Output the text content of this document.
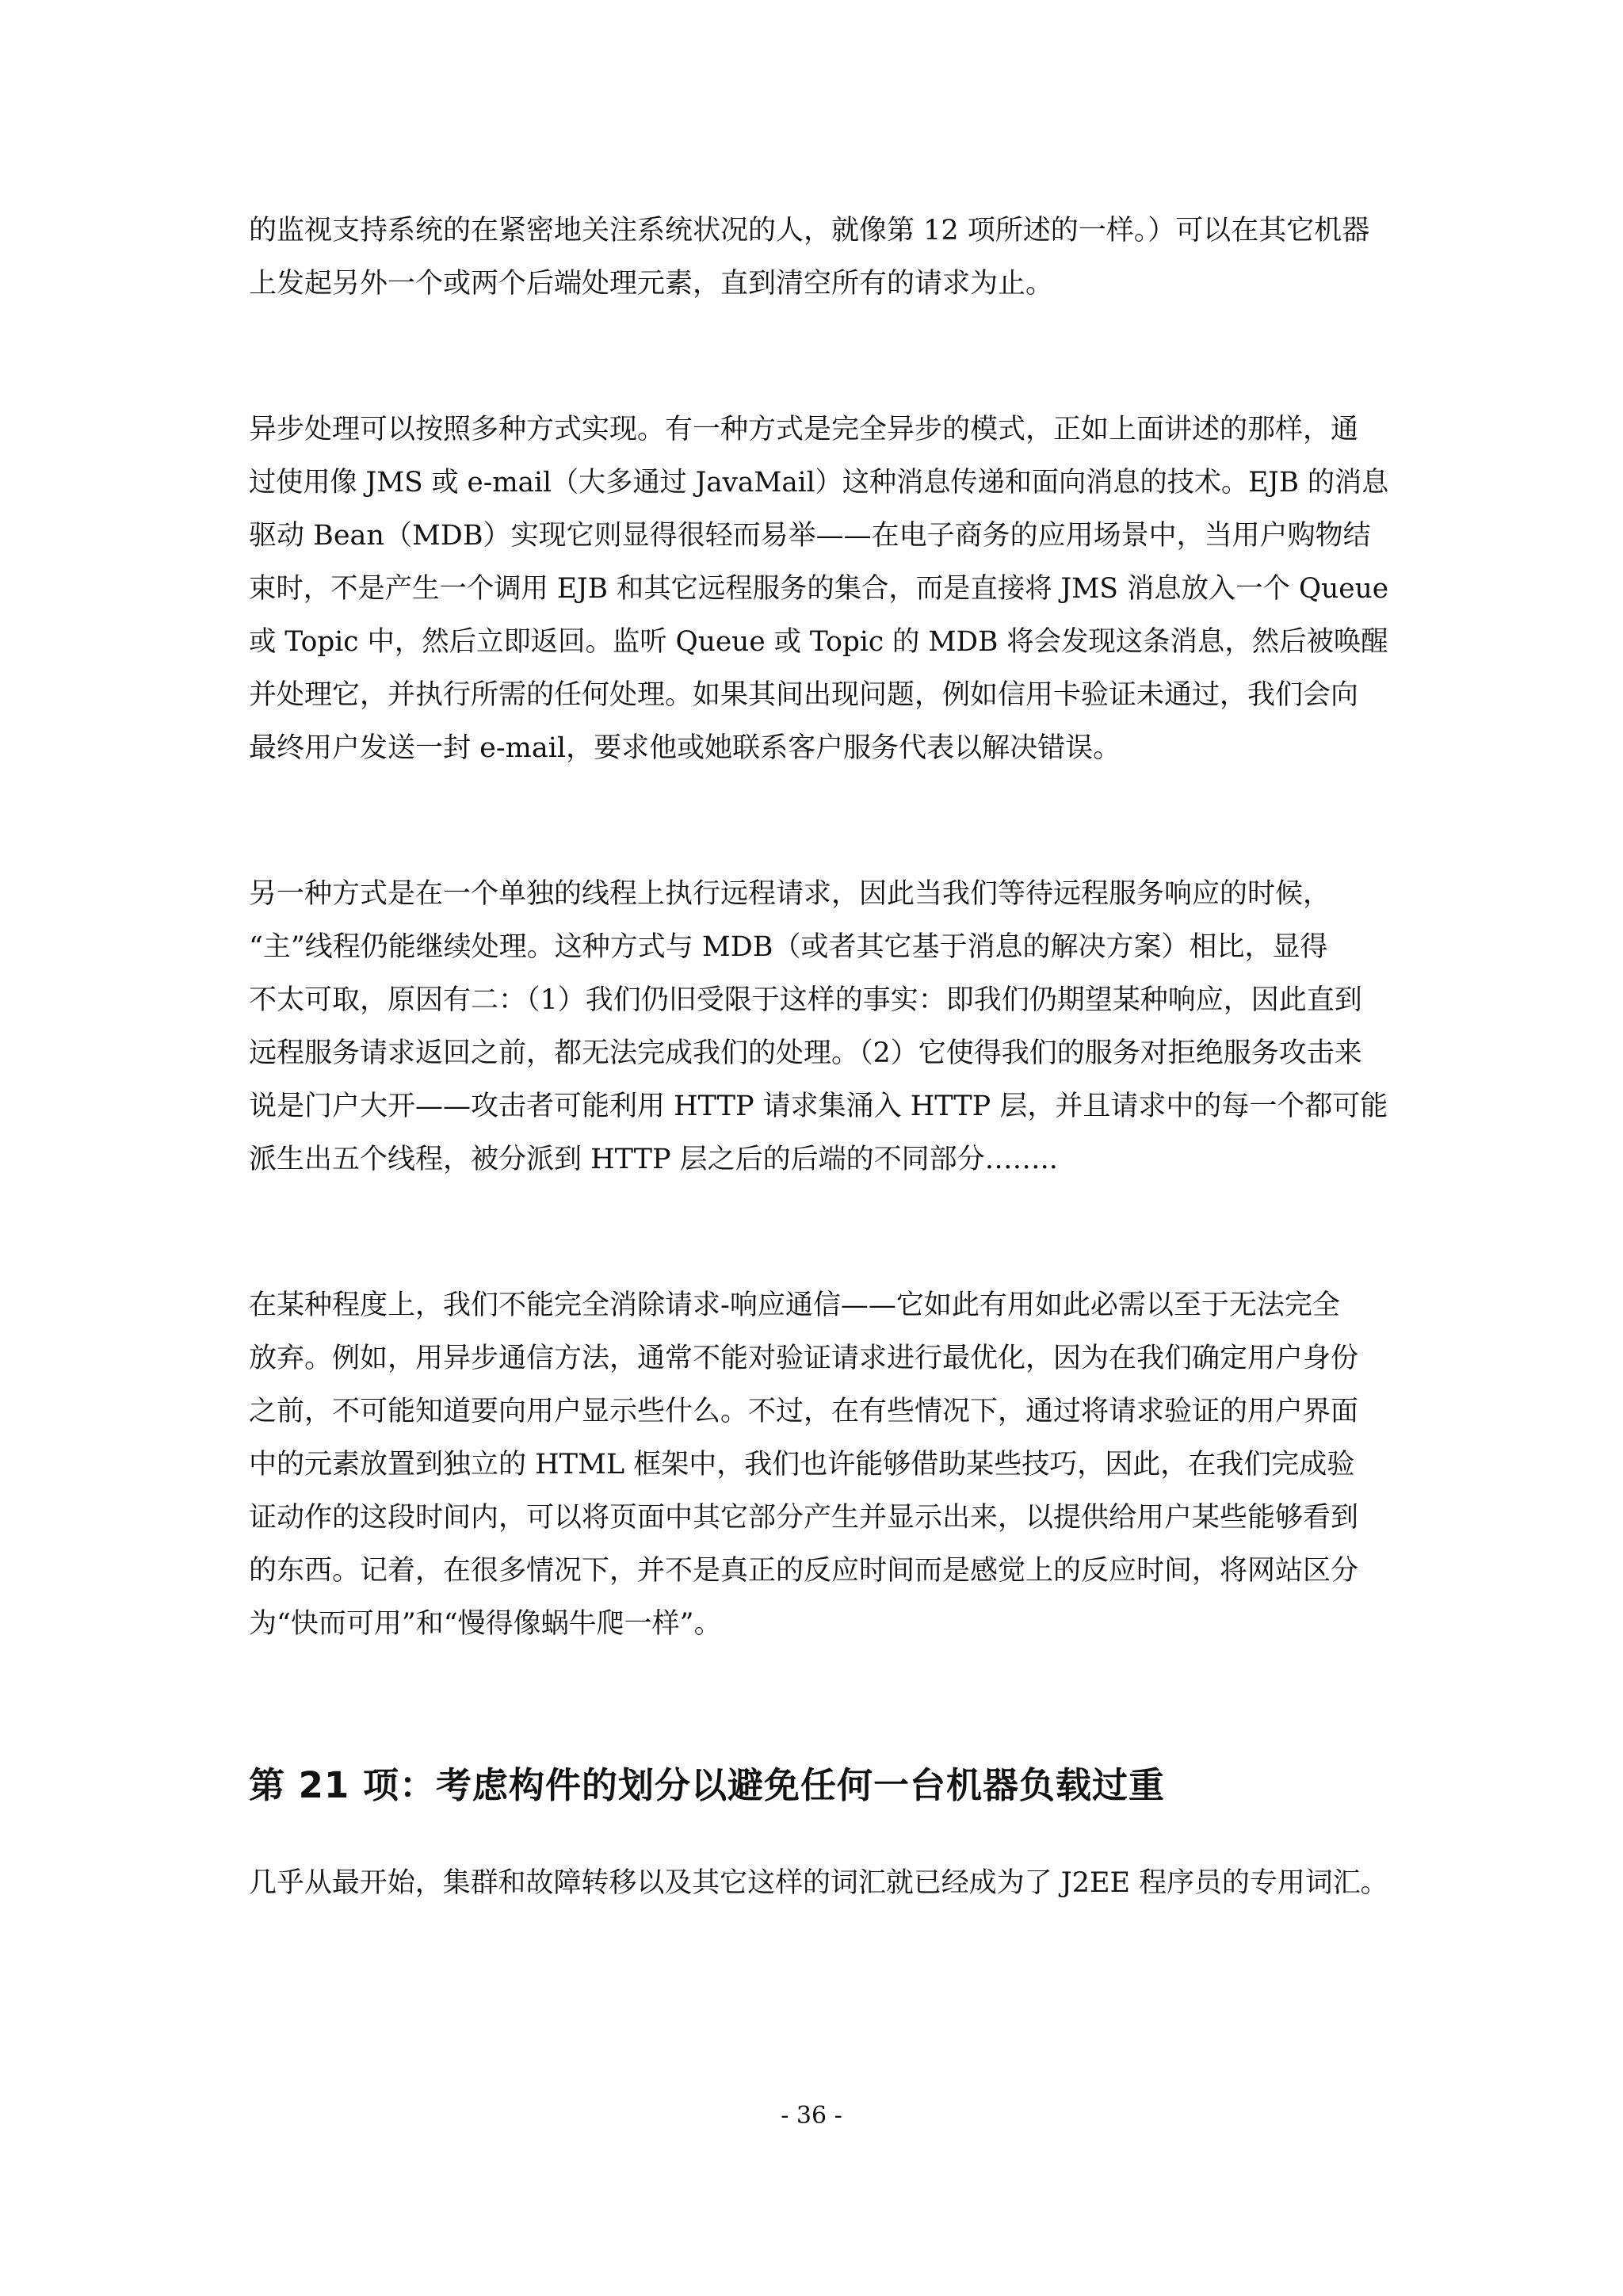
的监视支持系统的在紧密地关注系统状况的人，就像第 12 项所述的一样。）可以在其它机器
上发起另外一个或两个后端处理元素，直到清空所有的请求为止。

异步处理可以按照多种方式实现。有一种方式是完全异步的模式，正如上面讲述的那样，通
过使用像 JMS 或 e-mail（大多通过 JavaMail）这种消息传递和面向消息的技术。EJB 的消息
驱动 Bean（MDB）实现它则显得很轻而易举——在电子商务的应用场景中，当用户购物结
束时，不是产生一个调用 EJB 和其它远程服务的集合，而是直接将 JMS 消息放入一个 Queue
或 Topic 中，然后立即返回。监听 Queue 或 Topic 的 MDB 将会发现这条消息，然后被唤醒
并处理它，并执行所需的任何处理。如果其间出现问题，例如信用卡验证未通过，我们会向
最终用户发送一封 e-mail，要求他或她联系客户服务代表以解决错误。

另一种方式是在一个单独的线程上执行远程请求，因此当我们等待远程服务响应的时候，
“主”线程仍能继续处理。这种方式与 MDB（或者其它基于消息的解决方案）相比，显得
不太可取，原因有二：（1）我们仍旧受限于这样的事实：即我们仍期望某种响应，因此直到
远程服务请求返回之前，都无法完成我们的处理。（2）它使得我们的服务对拒绝服务攻击来
说是门户大开——攻击者可能利用 HTTP 请求集涌入 HTTP 层，并且请求中的每一个都可能
派生出五个线程，被分派到 HTTP 层之后的后端的不同部分……..

在某种程度上，我们不能完全消除请求-响应通信——它如此有用如此必需以至于无法完全
放弃。例如，用异步通信方法，通常不能对验证请求进行最优化，因为在我们确定用户身份
之前，不可能知道要向用户显示些什么。不过，在有些情况下，通过将请求验证的用户界面
中的元素放置到独立的 HTML 框架中，我们也许能够借助某些技巧，因此，在我们完成验
证动作的这段时间内，可以将页面中其它部分产生并显示出来，以提供给用户某些能够看到
的东西。记着，在很多情况下，并不是真正的反应时间而是感觉上的反应时间，将网站区分
为“快而可用”和“慢得像蜗牛爬一样”。

第 21 项：考虑构件的划分以避免任何一台机器负载过重

几乎从最开始，集群和故障转移以及其它这样的词汇就已经成为了 J2EE 程序员的专用词汇。

- 36 -
